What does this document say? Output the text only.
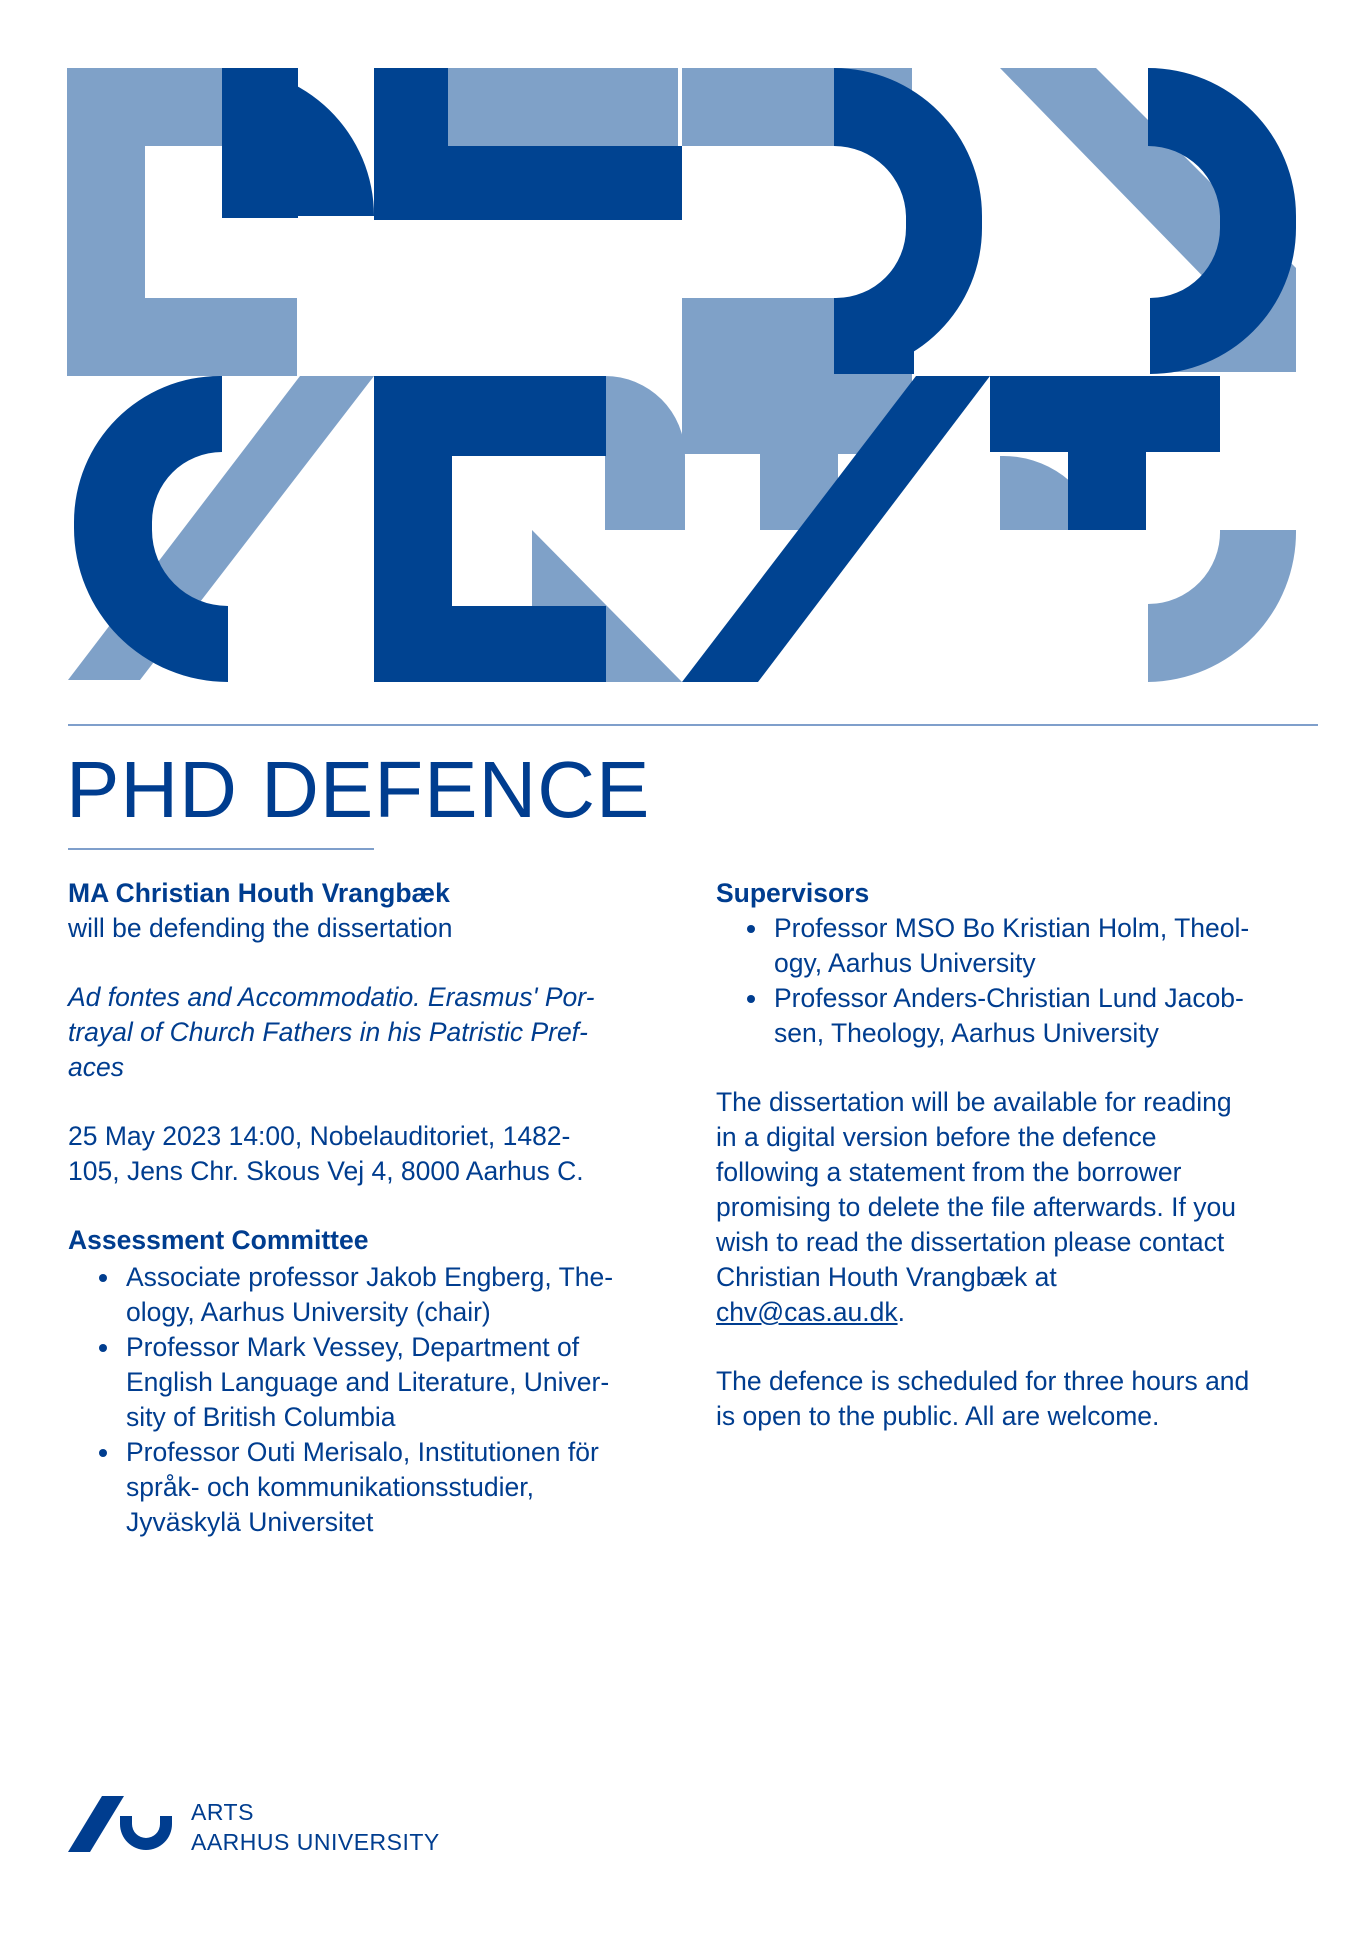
PHD DEFENCE

MA Christian Houth Vrangbæk

will be defending the dissertation

Ad fontes and Accommodatio. Erasmus' Por-
trayal of Church Fathers in his Patristic Pref-
aces
25 May 2023 14:00, Nobelauditoriet, 1482-
105, Jens Chr. Skous Vej 4, 8000 Aarhus C.

Assessment Committee

Associate professor Jakob Engberg, The-
ology, Aarhus University (chair)
Professor Mark Vessey, Department of
English Language and Literature, Univer-
sity of British Columbia
Professor Outi Merisalo, Institutionen för
språk- och kommunikationsstudier,
Jyväskylä Universitet

Supervisors

Professor MSO Bo Kristian Holm, Theol-
ogy, Aarhus University
Professor Anders-Christian Lund Jacob-
sen, Theology, Aarhus University
The dissertation will be available for reading
in a digital version before the defence
following a statement from the borrower
promising to delete the file afterwards. If you
wish to read the dissertation please contact
Christian Houth Vrangbæk at
chv@cas.au.dk.
The defence is scheduled for three hours and
is open to the public. All are welcome.
ARTS
AARHUS UNIVERSITY
